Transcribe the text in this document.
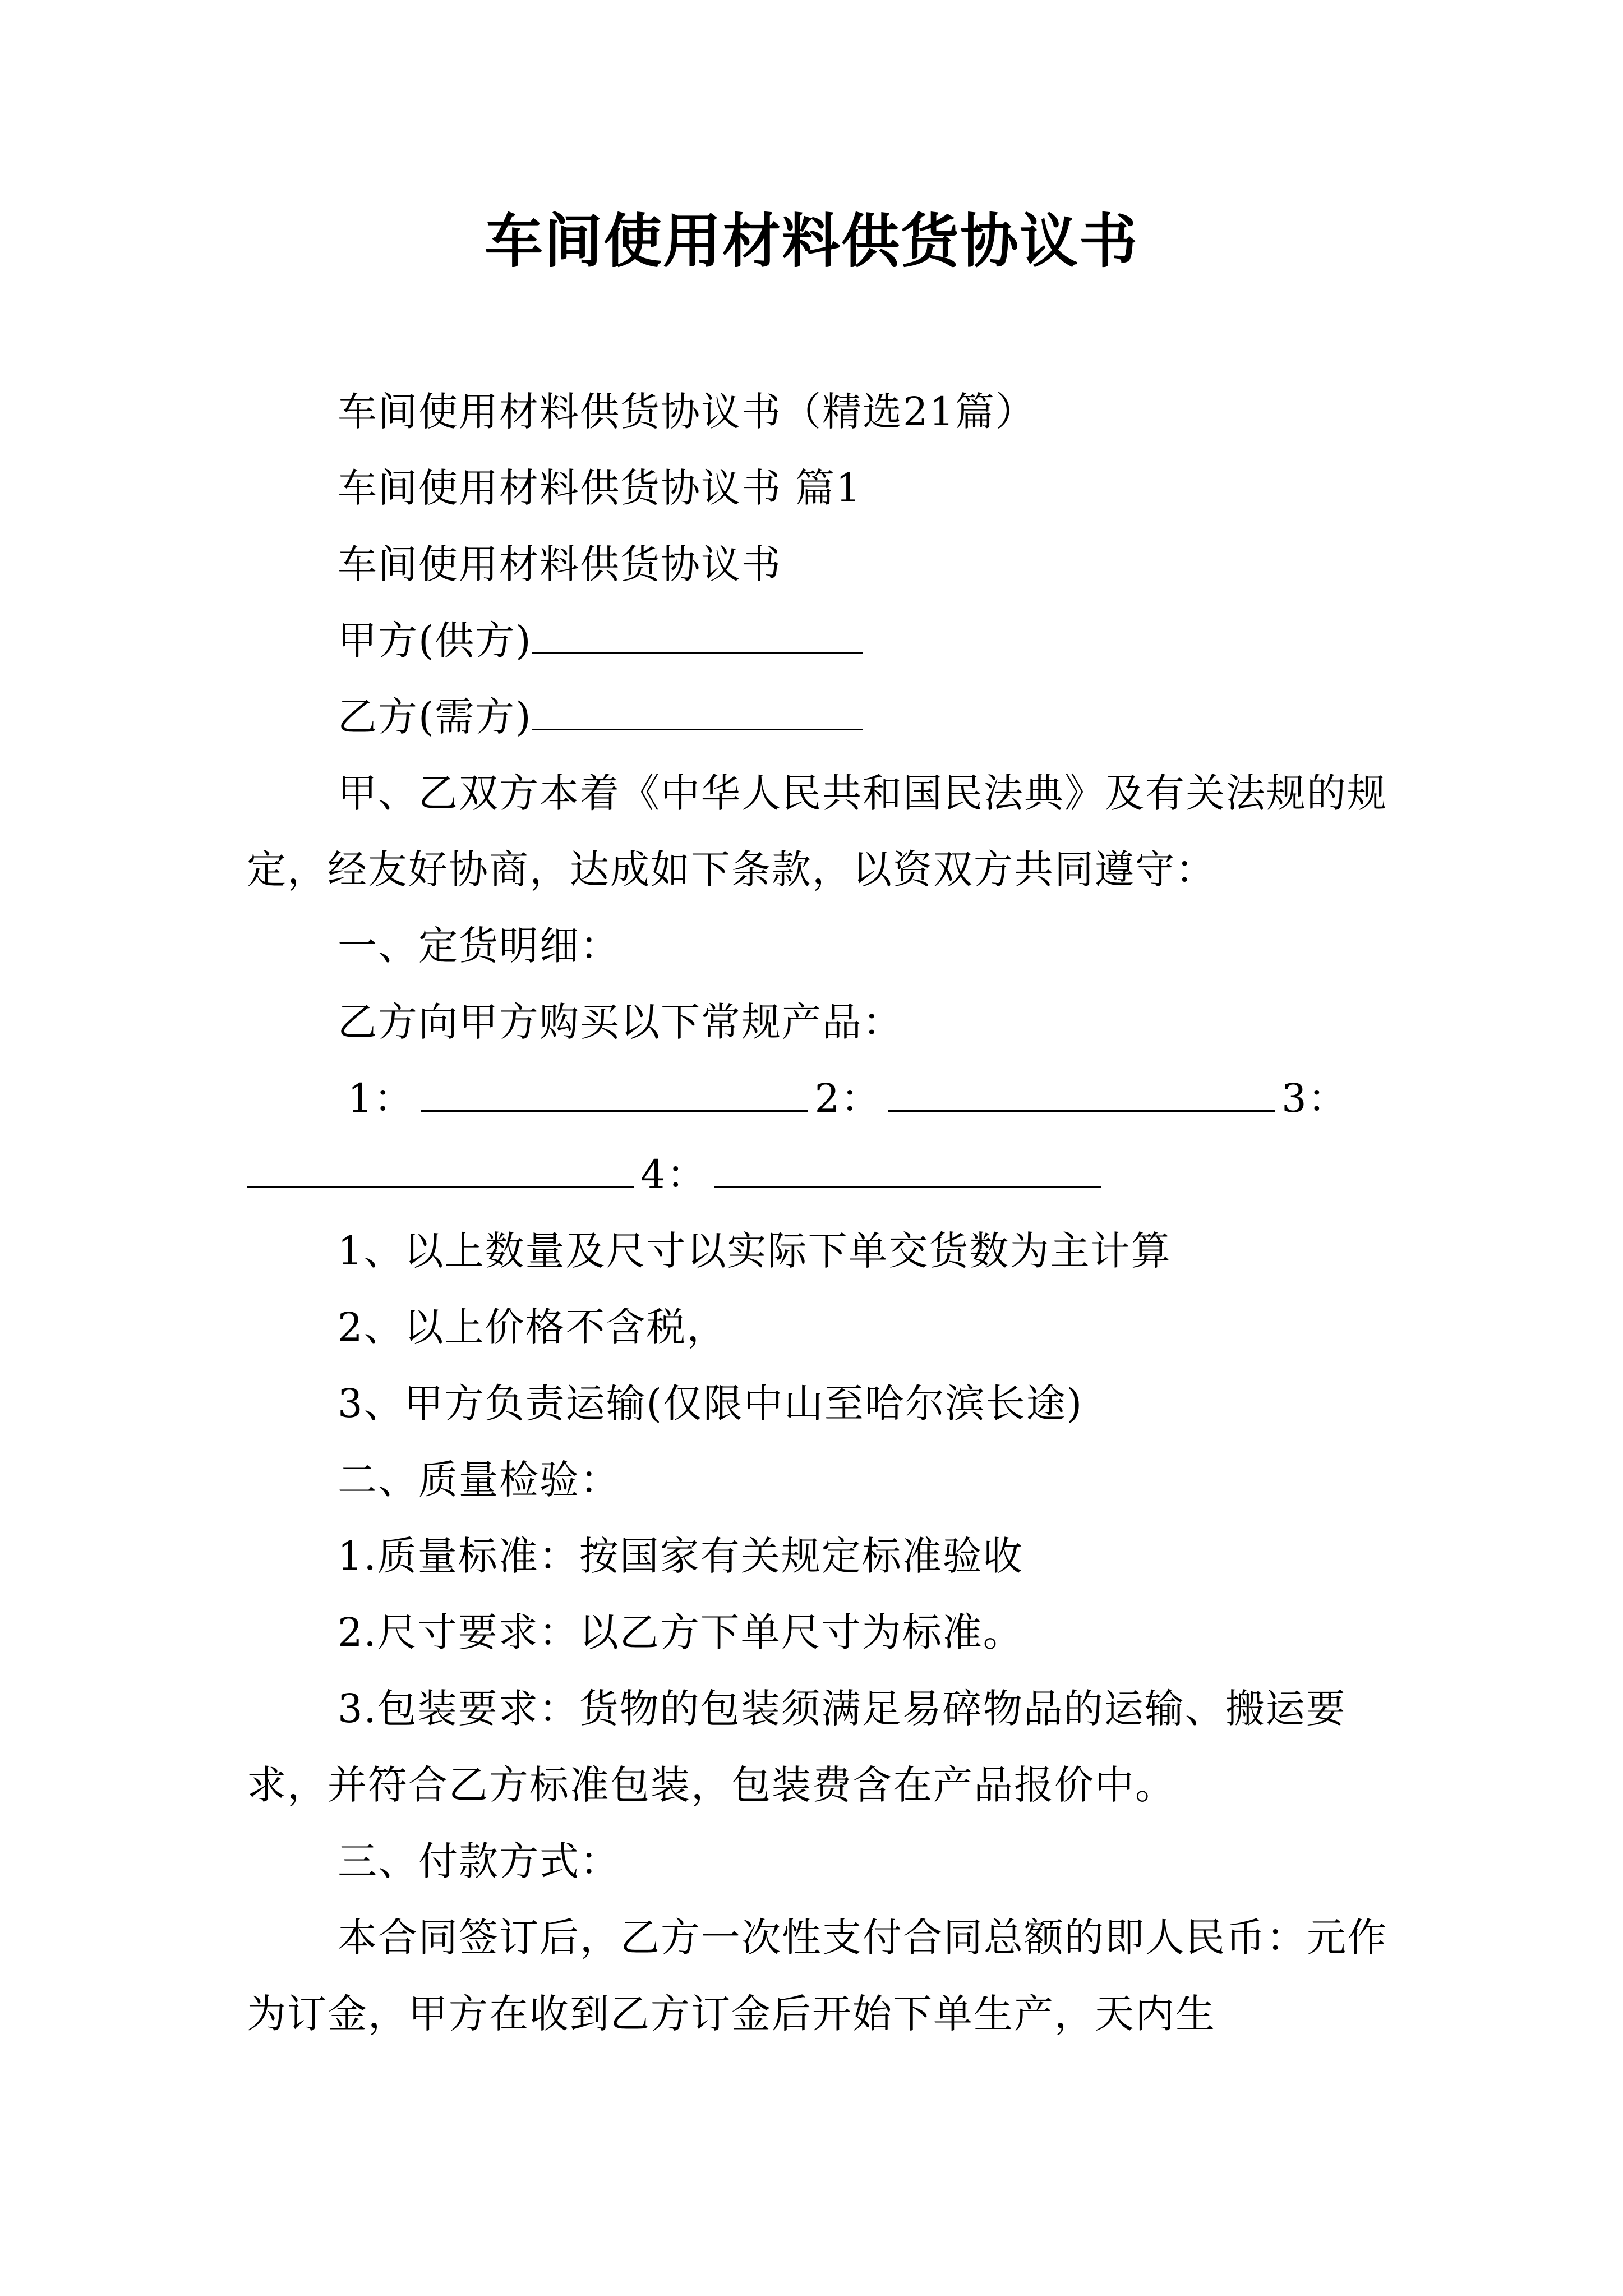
车间使用材料供货协议书

车间使用材料供货协议书（精选21篇）

车间使用材料供货协议书 篇1

车间使用材料供货协议书

甲方(供方)

乙方(需方)

甲、乙双方本着《中华人民共和国民法典》及有关法规的规定，经友好协商，达成如下条款，以资双方共同遵守：

一、定货明细：

乙方向甲方购买以下常规产品：

1：	2：	3：

4：

1、以上数量及尺寸以实际下单交货数为主计算

2、以上价格不含税，

3、甲方负责运输(仅限中山至哈尔滨长途)

二、质量检验：

1.质量标准：按国家有关规定标准验收

2.尺寸要求：以乙方下单尺寸为标准。

3.包装要求：货物的包装须满足易碎物品的运输、搬运要求，并符合乙方标准包装，包装费含在产品报价中。

三、付款方式：

本合同签订后，乙方一次性支付合同总额的即人民币：元作为订金，甲方在收到乙方订金后开始下单生产，天内生
